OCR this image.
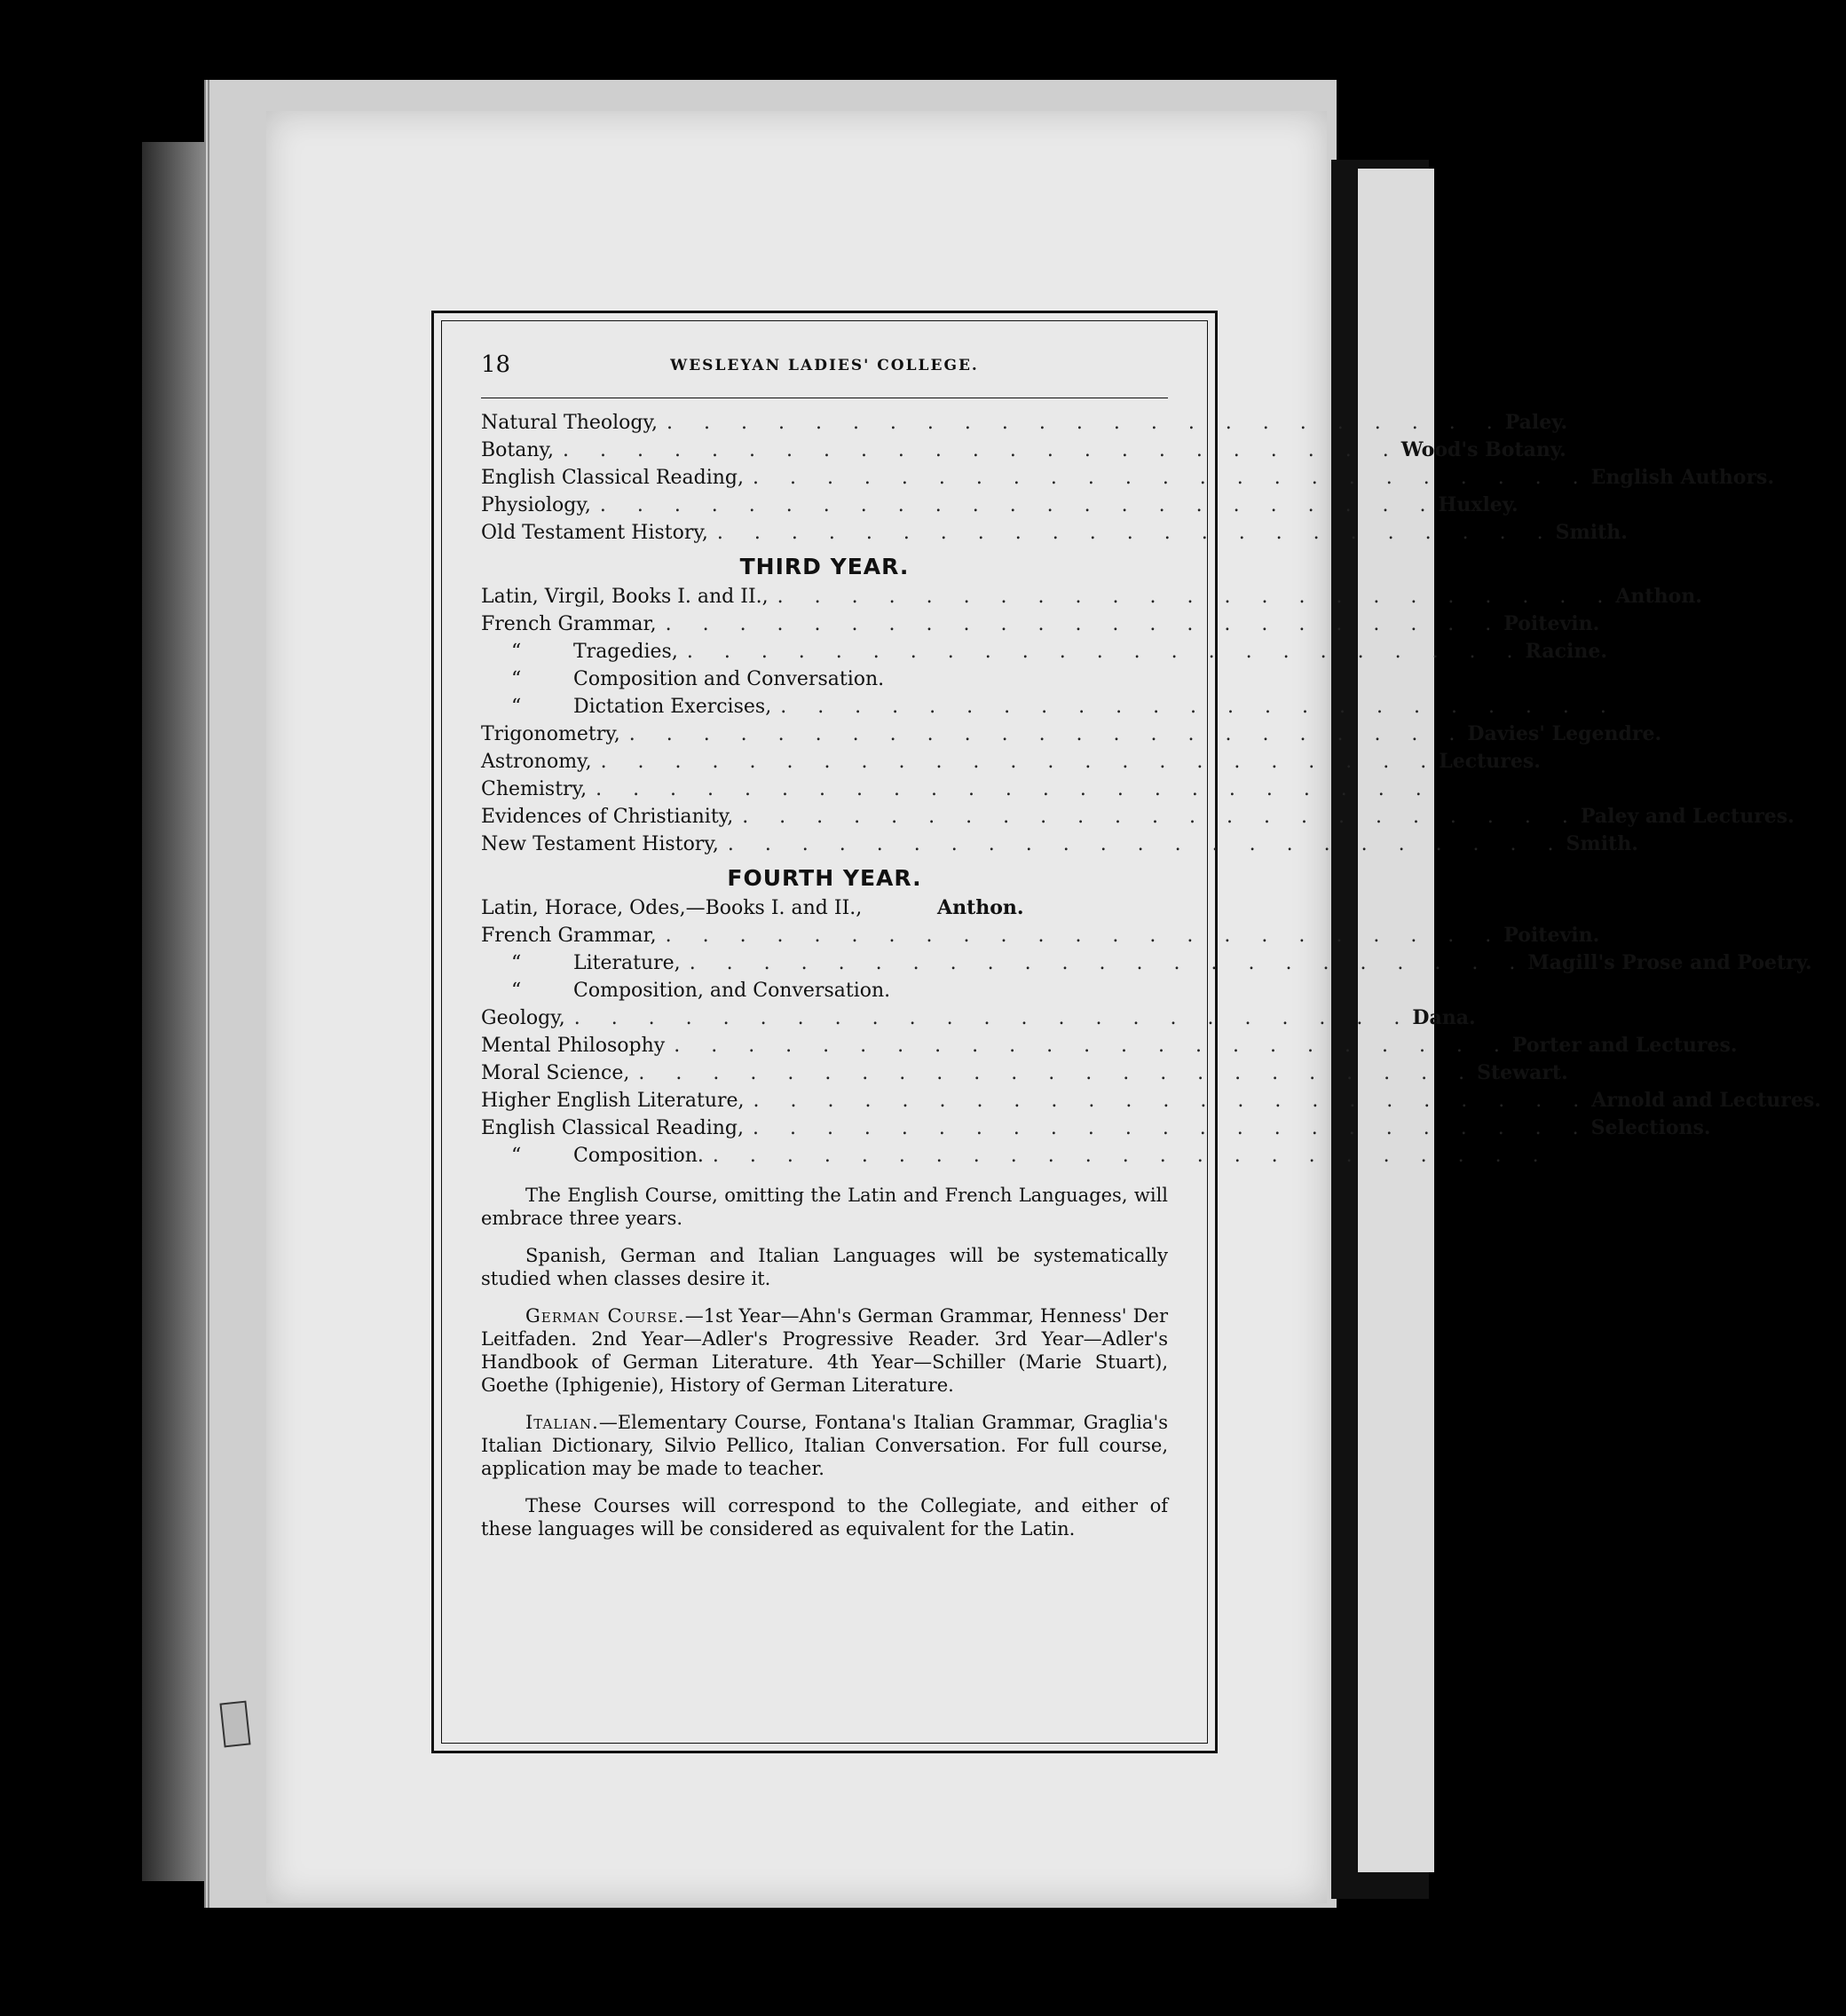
18	WESLEYAN LADIES' COLLEGE.
Natural Theology, . . . . . . . . . . . . . . . . . . . . . . . Paley.
Botany, . . . . . . . . . . . . . . . . . . . . . . . Wood's Botany.
English Classical Reading, . . . . . . . . . . . . . . . . . . . . . . . English Authors.
Physiology, . . . . . . . . . . . . . . . . . . . . . . . Huxley.
Old Testament History, . . . . . . . . . . . . . . . . . . . . . . . Smith.
THIRD YEAR.
Latin, Virgil, Books I. and II., . . . . . . . . . . . . . . . . . . . . . . . Anthon.
French Grammar, . . . . . . . . . . . . . . . . . . . . . . . Poitevin.
“	Tragedies, . . . . . . . . . . . . . . . . . . . . . . . Racine.
“	Composition and Conversation.
“	Dictation Exercises, . . . . . . . . . . . . . . . . . . . . . . .
Trigonometry, . . . . . . . . . . . . . . . . . . . . . . . Davies' Legendre.
Astronomy, . . . . . . . . . . . . . . . . . . . . . . . Lectures.
Chemistry, . . . . . . . . . . . . . . . . . . . . . . .
Evidences of Christianity, . . . . . . . . . . . . . . . . . . . . . . . Paley and Lectures.
New Testament History, . . . . . . . . . . . . . . . . . . . . . . . Smith.
FOURTH YEAR.
Latin, Horace, Odes,—Books I. and II.,	Anthon.
French Grammar, . . . . . . . . . . . . . . . . . . . . . . . Poitevin.
“	Literature, . . . . . . . . . . . . . . . . . . . . . . . Magill's Prose and Poetry.
“	Composition, and Conversation.
Geology, . . . . . . . . . . . . . . . . . . . . . . . Dana.
Mental Philosophy . . . . . . . . . . . . . . . . . . . . . . . Porter and Lectures.
Moral Science, . . . . . . . . . . . . . . . . . . . . . . . Stewart.
Higher English Literature, . . . . . . . . . . . . . . . . . . . . . . . Arnold and Lectures.
English Classical Reading, . . . . . . . . . . . . . . . . . . . . . . . Selections.
“	Composition. . . . . . . . . . . . . . . . . . . . . . . .

The English Course, omitting the Latin and French Languages, will embrace three years.

Spanish, German and Italian Languages will be systematically studied when classes desire it.

German Course.—1st Year—Ahn's German Grammar, Henness' Der Leitfaden. 2nd Year—Adler's Progressive Reader. 3rd Year—Adler's Handbook of German Literature. 4th Year—Schiller (Marie Stuart), Goethe (Iphigenie), History of German Literature.

Italian.—Elementary Course, Fontana's Italian Grammar, Graglia's Italian Dictionary, Silvio Pellico, Italian Conversation. For full course, application may be made to teacher.

These Courses will correspond to the Collegiate, and either of these languages will be considered as equivalent for the Latin.
